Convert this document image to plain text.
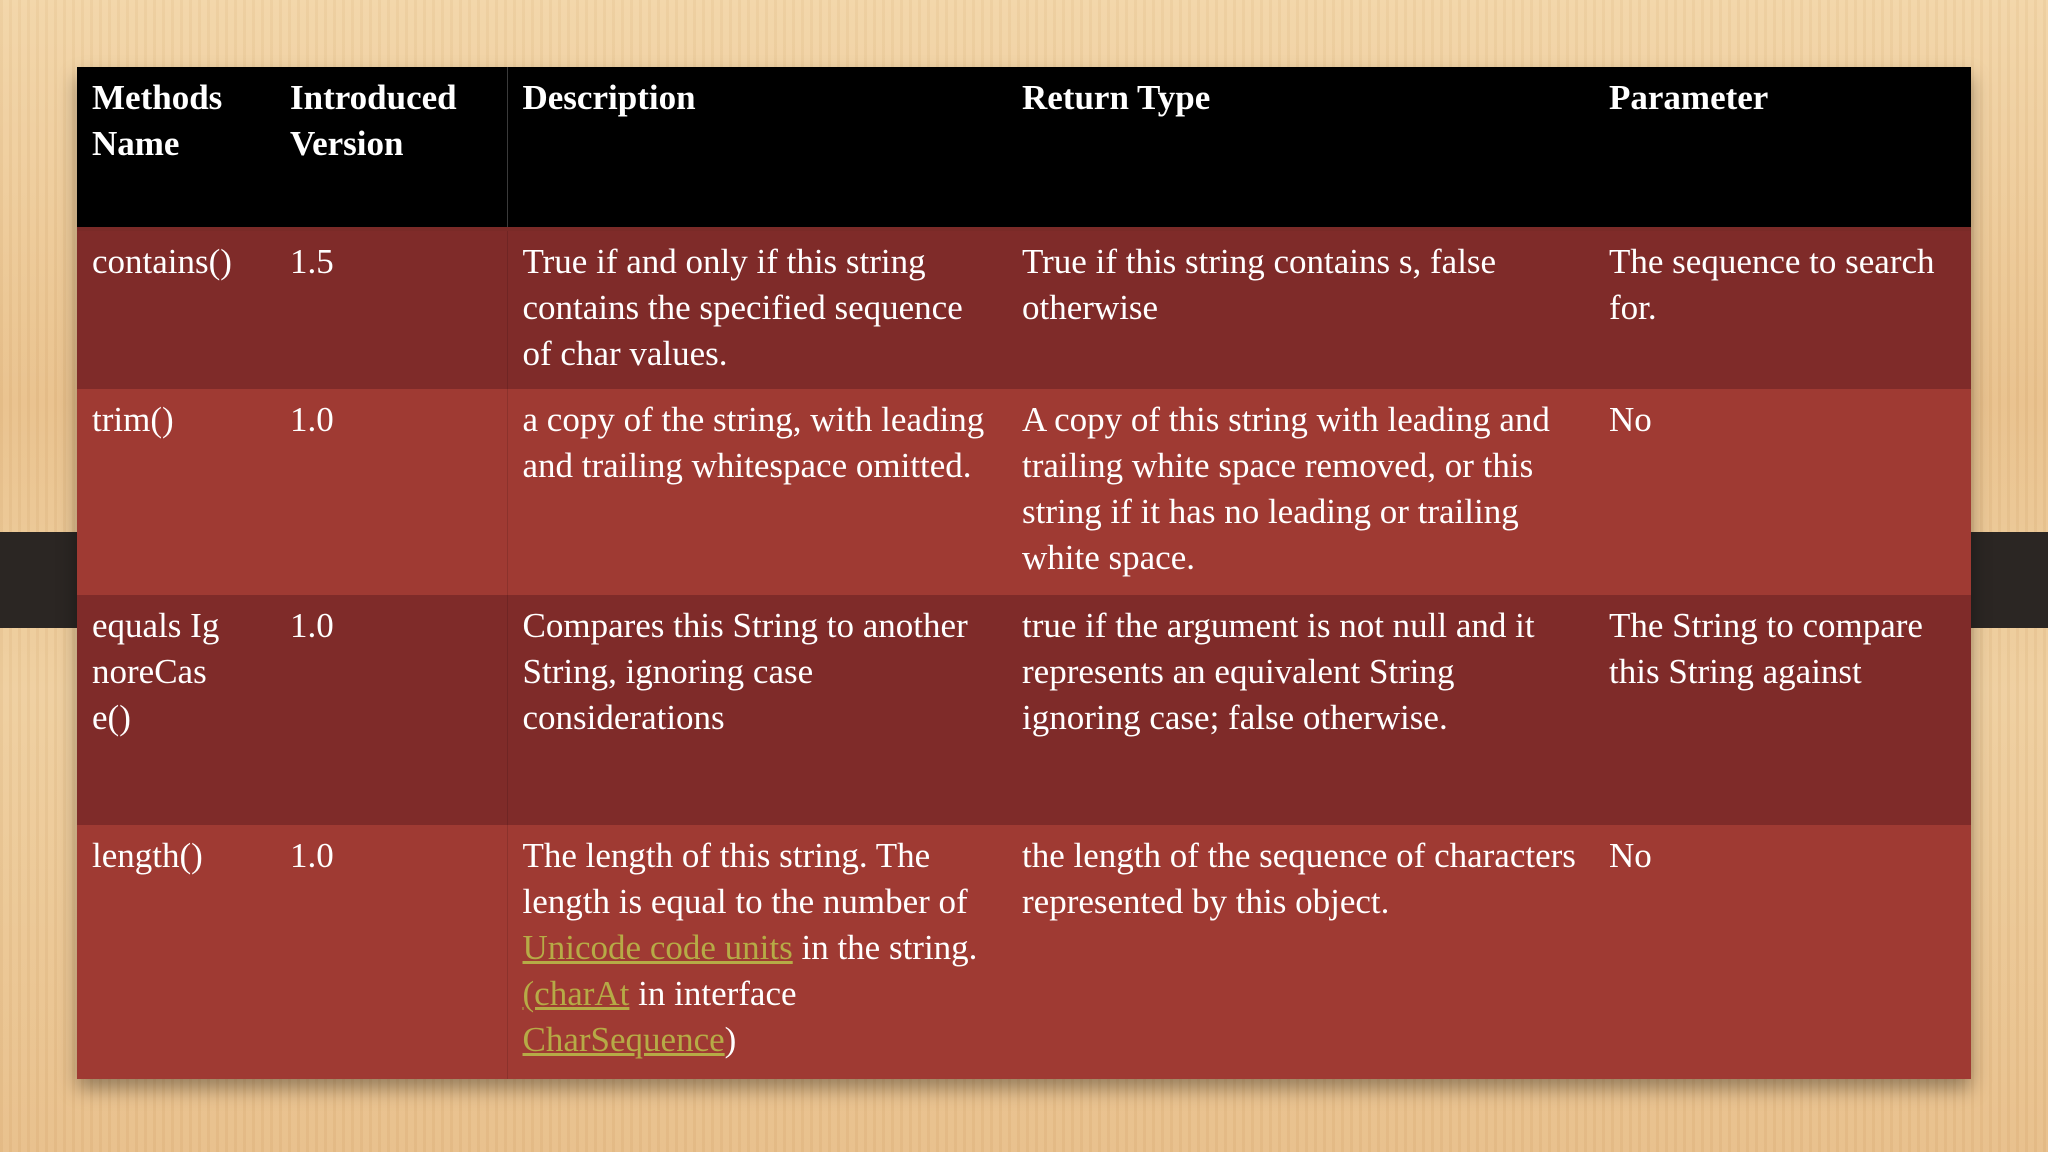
Methods Name	Introduced Version	Description	Return Type	Parameter
contains()	1.5	True if and only if this string contains the specified sequence of char values.	True if this string contains s, false otherwise	The sequence to search for.
trim()	1.0	a copy of the string, with leading and trailing whitespace omitted.	A copy of this string with leading and trailing white space removed, or this string if it has no leading or trailing white space.	No

equals IgnoreCase()	1.0	Compares this String to another String, ignoring case considerations	true if the argument is not null and it represents an equivalent String ignoring case; false otherwise.	The String to compare this String against
length()	1.0	The length of this string. The length is equal to the number of Unicode code units in the string. (charAt in interface CharSequence)	the length of the sequence of characters represented by this object.	No
